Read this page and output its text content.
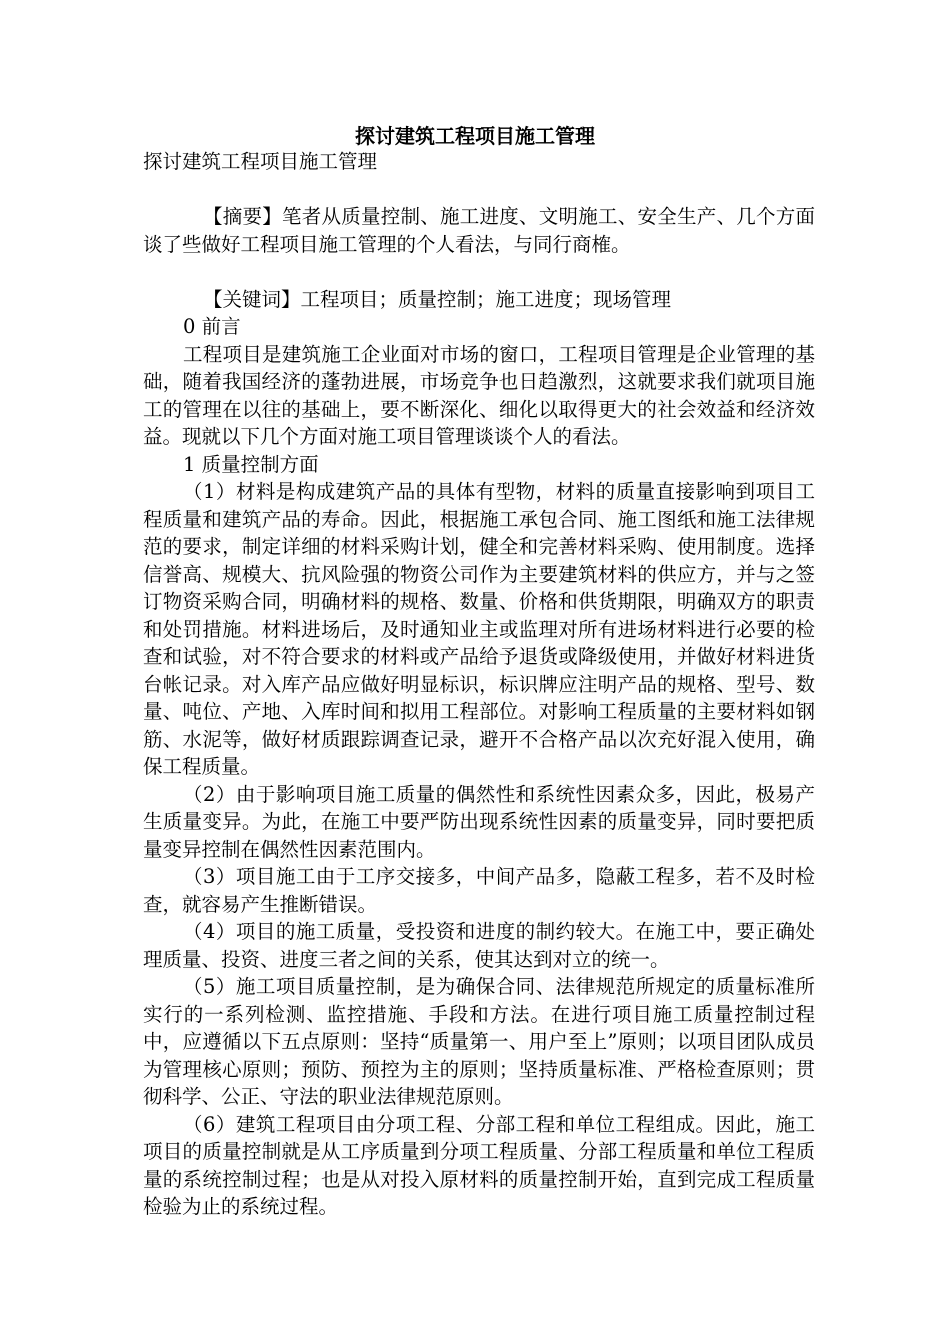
探讨建筑工程项目施工管理

探讨建筑工程项目施工管理

【摘要】笔者从质量控制、施工进度、文明施工、安全生产、几个方面谈了些做好工程项目施工管理的个人看法，与同行商榷。

【关键词】工程项目；质量控制；施工进度；现场管理

0 前言

工程项目是建筑施工企业面对市场的窗口，工程项目管理是企业管理的基础，随着我国经济的蓬勃进展，市场竞争也日趋激烈，这就要求我们就项目施工的管理在以往的基础上，要不断深化、细化以取得更大的社会效益和经济效益。现就以下几个方面对施工项目管理谈谈个人的看法。

1 质量控制方面

（1）材料是构成建筑产品的具体有型物，材料的质量直接影响到项目工程质量和建筑产品的寿命。因此，根据施工承包合同、施工图纸和施工法律规范的要求，制定详细的材料采购计划，健全和完善材料采购、使用制度。选择信誉高、规模大、抗风险强的物资公司作为主要建筑材料的供应方，并与之签订物资采购合同，明确材料的规格、数量、价格和供货期限，明确双方的职责和处罚措施。材料进场后，及时通知业主或监理对所有进场材料进行必要的检查和试验，对不符合要求的材料或产品给予退货或降级使用，并做好材料进货台帐记录。对入库产品应做好明显标识，标识牌应注明产品的规格、型号、数量、吨位、产地、入库时间和拟用工程部位。对影响工程质量的主要材料如钢筋、水泥等，做好材质跟踪调查记录，避开不合格产品以次充好混入使用，确保工程质量。

（2）由于影响项目施工质量的偶然性和系统性因素众多，因此，极易产生质量变异。为此，在施工中要严防出现系统性因素的质量变异，同时要把质量变异控制在偶然性因素范围内。

（3）项目施工由于工序交接多，中间产品多，隐蔽工程多，若不及时检查，就容易产生推断错误。

（4）项目的施工质量，受投资和进度的制约较大。在施工中，要正确处理质量、投资、进度三者之间的关系，使其达到对立的统一。

（5）施工项目质量控制，是为确保合同、法律规范所规定的质量标准所实行的一系列检测、监控措施、手段和方法。在进行项目施工质量控制过程中，应遵循以下五点原则：坚持“质量第一、用户至上”原则；以项目团队成员为管理核心原则；预防、预控为主的原则；坚持质量标准、严格检查原则；贯彻科学、公正、守法的职业法律规范原则。

（6）建筑工程项目由分项工程、分部工程和单位工程组成。因此，施工项目的质量控制就是从工序质量到分项工程质量、分部工程质量和单位工程质量的系统控制过程；也是从对投入原材料的质量控制开始，直到完成工程质量检验为止的系统过程。
